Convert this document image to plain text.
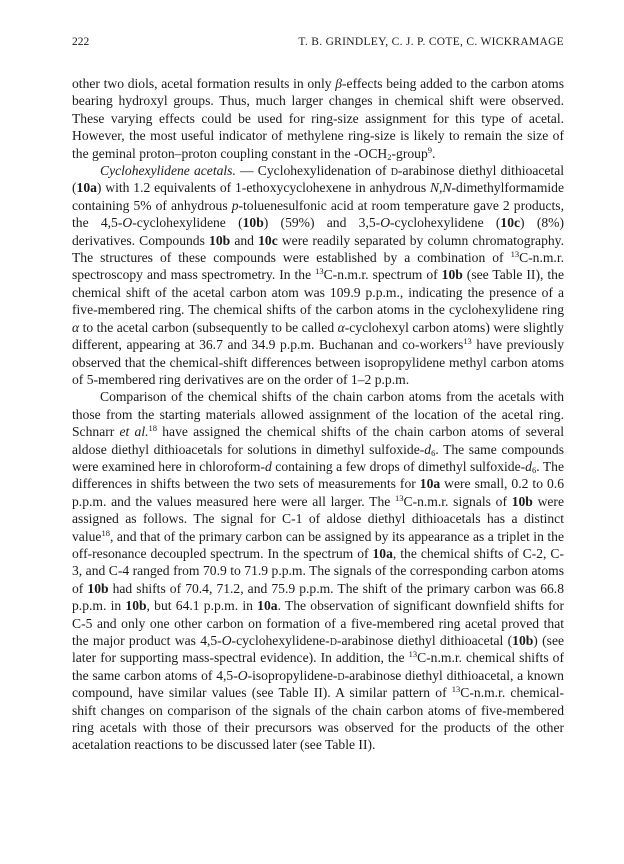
222	T. B. GRINDLEY, C. J. P. COTE, C. WICKRAMAGE

other two diols, acetal formation results in only β-effects being added to the carbon atoms bearing hydroxyl groups. Thus, much larger changes in chemical shift were observed. These varying effects could be used for ring-size assignment for this type of acetal. However, the most useful indicator of methylene ring-size is likely to remain the size of the geminal proton–proton coupling constant in the $-OCH_2-group^9$.

Cyclohexylidene acetals. — Cyclohexylidenation of d-arabinose diethyl dithioacetal (10a) with 1.2 equivalents of 1-ethoxycyclohexene in anhydrous N,N-dimethylformamide containing 5% of anhydrous p-toluenesulfonic acid at room temperature gave 2 products, the 4,5-O-cyclohexylidene (10b) (59%) and 3,5-O-cyclohexylidene (10c) (8%) derivatives. Compounds 10b and 10c were readily separated by column chromatography. The structures of these compounds were established by a combination of $^{13}$C-n.m.r. spectroscopy and mass spectrometry. In the $^{13}$C-n.m.r. spectrum of 10b (see Table II), the chemical shift of the acetal carbon atom was 109.9 p.p.m., indicating the presence of a five-membered ring. The chemical shifts of the carbon atoms in the cyclohexylidene ring α to the acetal carbon (subsequently to be called α-cyclohexyl carbon atoms) were slightly different, appearing at 36.7 and 34.9 p.p.m. Buchanan and co-workers$^{13}$ have previously observed that the chemical-shift differences between isopropylidene methyl carbon atoms of 5-membered ring derivatives are on the order of 1–2 p.p.m.

Comparison of the chemical shifts of the chain carbon atoms from the acetals with those from the starting materials allowed assignment of the location of the acetal ring. Schnarr et al.$^{18}$ have assigned the chemical shifts of the chain carbon atoms of several aldose diethyl dithioacetals for solutions in dimethyl sulfoxide-$d_6$. The same compounds were examined here in chloroform-d containing a few drops of dimethyl sulfoxide-$d_6$. The differences in shifts between the two sets of measurements for 10a were small, 0.2 to 0.6 p.p.m. and the values measured here were all larger. The $^{13}$C-n.m.r. signals of 10b were assigned as follows. The signal for C-1 of aldose diethyl dithioacetals has a distinct value$^{18}$, and that of the primary carbon can be assigned by its appearance as a triplet in the off-resonance decoupled spectrum. In the spectrum of 10a, the chemical shifts of C-2, C-3, and C-4 ranged from 70.9 to 71.9 p.p.m. The signals of the corresponding carbon atoms of 10b had shifts of 70.4, 71.2, and 75.9 p.p.m. The shift of the primary carbon was 66.8 p.p.m. in 10b, but 64.1 p.p.m. in 10a. The observation of significant downfield shifts for C-5 and only one other carbon on formation of a five-membered ring acetal proved that the major product was 4,5-O-cyclohexylidene-d-arabinose diethyl dithioacetal (10b) (see later for supporting mass-spectral evidence). In addition, the $^{13}$C-n.m.r. chemical shifts of the same carbon atoms of 4,5-O-isopropylidene-d-arabinose diethyl dithioacetal, a known compound, have similar values (see Table II). A similar pattern of $^{13}$C-n.m.r. chemical-shift changes on comparison of the signals of the chain carbon atoms of five-membered ring acetals with those of their precursors was observed for the products of the other acetalation reactions to be discussed later (see Table II).
